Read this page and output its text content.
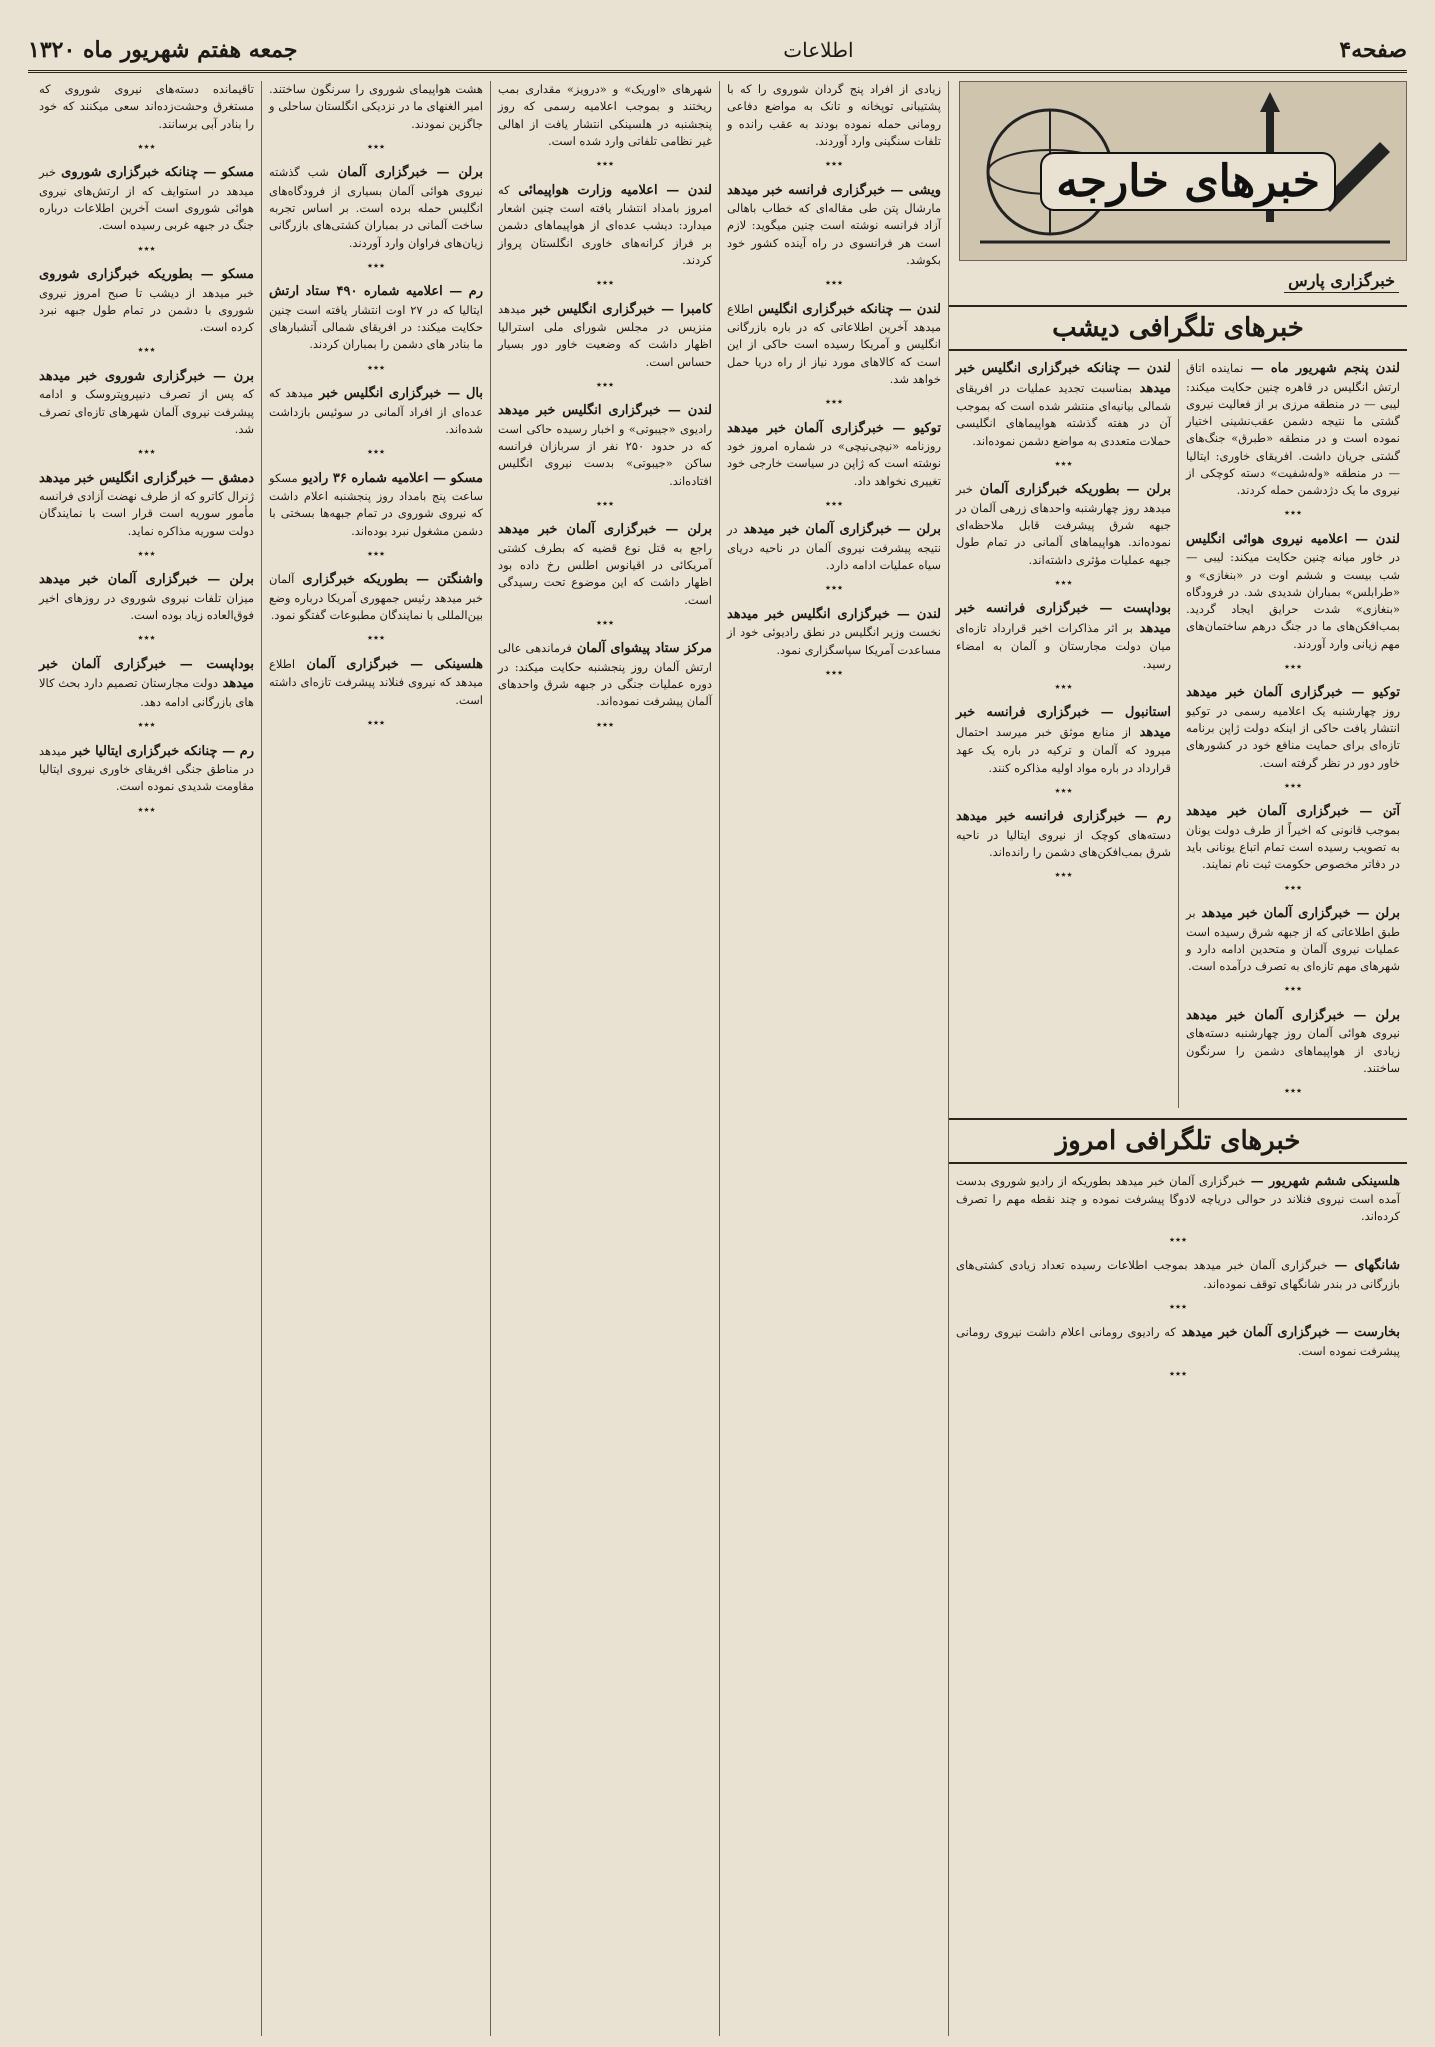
صفحه۴
اطلاعات
جمعه هفتم شهریور ماه ۱۳۲۰
خبرهای خارجه
خبرگزاری پارس
خبرهای تلگرافی دیشب

لندن پنجم شهریور ماه — نماینده اتاق ارتش انگلیس در قاهره چنین حکایت میکند: لیبی — در منطقه مرزی بر از فعالیت نیروی گشتی ما نتیجه دشمن عقب‌نشینی اختیار نموده است و در منطقه «طبرق» جنگ‌های گشتی جریان داشت. افریقای خاوری: ایتالیا — در منطقه «وله‌شفیت» دسته کوچکی از نیروی ما یک دژدشمن حمله کردند.

٭٭٭

لندن — اعلامیه نیروی هوائی انگلیس در خاور میانه چنین حکایت میکند: لیبی — شب بیست و ششم اوت در «بنغازی» و «طرابلس» بمباران شدیدی شد. در فرودگاه «بنغازی» شدت حرایق ایجاد گردید. بمب‌افکن‌های ما در جنگ درهم ساختمان‌های مهم زیانی وارد آوردند.

٭٭٭

توکیو — خبرگزاری آلمان خبر میدهد روز چهارشنبه یک اعلامیه رسمی در توکیو انتشار یافت حاکی از اینکه دولت ژاپن برنامه تازه‌ای برای حمایت منافع خود در کشورهای خاور دور در نظر گرفته است.

٭٭٭

آتن — خبرگزاری آلمان خبر میدهد بموجب قانونی که اخیراً از طرف دولت یونان به تصویب رسیده است تمام اتباع یونانی باید در دفاتر مخصوص حکومت ثبت نام نمایند.

٭٭٭

برلن — خبرگزاری آلمان خبر میدهد بر طبق اطلاعاتی که از جبهه شرق رسیده است عملیات نیروی آلمان و متحدین ادامه دارد و شهرهای مهم تازه‌ای به تصرف درآمده است.

٭٭٭

برلن — خبرگزاری آلمان خبر میدهد نیروی هوائی آلمان روز چهارشنبه دسته‌های زیادی از هواپیماهای دشمن را سرنگون ساختند.

٭٭٭

لندن — چنانکه خبرگزاری انگلیس خبر میدهد بمناسبت تجدید عملیات در افریقای شمالی بیانیه‌ای منتشر شده است که بموجب آن در هفته گذشته هواپیماهای انگلیسی حملات متعددی به مواضع دشمن نموده‌اند.

٭٭٭

برلن — بطوریکه خبرگزاری آلمان خبر میدهد روز چهارشنبه واحدهای زرهی آلمان در جبهه شرق پیشرفت قابل ملاحظه‌ای نموده‌اند. هواپیماهای آلمانی در تمام طول جبهه عملیات مؤثری داشته‌اند.

٭٭٭

بوداپست — خبرگزاری فرانسه خبر میدهد بر اثر مذاکرات اخیر قرارداد تازه‌ای میان دولت مجارستان و آلمان به امضاء رسید.

٭٭٭

استانبول — خبرگزاری فرانسه خبر میدهد از منابع موثق خبر میرسد احتمال میرود که آلمان و ترکیه در باره یک عهد قرارداد در باره مواد اولیه مذاکره کنند.

٭٭٭

رم — خبرگزاری فرانسه خبر میدهد دسته‌های کوچک از نیروی ایتالیا در ناحیه شرق بمب‌افکن‌های دشمن را رانده‌اند.

٭٭٭
خبرهای تلگرافی امروز

هلسینکی ششم شهریور — خبرگزاری آلمان خبر میدهد بطوریکه از رادیو شوروی بدست آمده است نیروی فنلاند در حوالی دریاچه لادوگا پیشرفت نموده و چند نقطه مهم را تصرف کرده‌اند.

٭٭٭

شانگهای — خبرگزاری آلمان خبر میدهد بموجب اطلاعات رسیده تعداد زیادی کشتی‌های بازرگانی در بندر شانگهای توقف نموده‌اند.

٭٭٭

بخارست — خبرگزاری آلمان خبر میدهد که رادیوی رومانی اعلام داشت نیروی رومانی پیشرفت نموده است.

٭٭٭

زیادی از افراد پنج گردان شوروی را که با پشتیبانی توپخانه و تانک به مواضع دفاعی رومانی حمله نموده بودند به عقب رانده و تلفات سنگینی وارد آوردند.

٭٭٭

ویشی — خبرگزاری فرانسه خبر میدهد مارشال پتن طی مقاله‌ای که خطاب باهالی آزاد فرانسه نوشته است چنین میگوید: لازم است هر فرانسوی در راه آینده کشور خود بکوشد.

٭٭٭

لندن — چنانکه خبرگزاری انگلیس اطلاع میدهد آخرین اطلاعاتی که در باره بازرگانی انگلیس و آمریکا رسیده است حاکی از این است که کالاهای مورد نیاز از راه دریا حمل خواهد شد.

٭٭٭

توکیو — خبرگزاری آلمان خبر میدهد روزنامه «نیچی‌نیچی» در شماره امروز خود نوشته است که ژاپن در سیاست خارجی خود تغییری نخواهد داد.

٭٭٭

برلن — خبرگزاری آلمان خبر میدهد در نتیجه پیشرفت نیروی آلمان در ناحیه دریای سیاه عملیات ادامه دارد.

٭٭٭

لندن — خبرگزاری انگلیس خبر میدهد نخست وزیر انگلیس در نطق رادیوئی خود از مساعدت آمریکا سپاسگزاری نمود.

٭٭٭

شهرهای «اوریک» و «درویز» مقداری بمب ریختند و بموجب اعلامیه رسمی که روز پنجشنبه در هلسینکی انتشار یافت از اهالی غیر نظامی تلفاتی وارد شده است.

٭٭٭

لندن — اعلامیه وزارت هواپیمائی که امروز بامداد انتشار یافته است چنین اشعار میدارد: دیشب عده‌ای از هواپیماهای دشمن بر فراز کرانه‌های خاوری انگلستان پرواز کردند.

٭٭٭

کامبرا — خبرگزاری انگلیس خبر میدهد منزیس در مجلس شورای ملی استرالیا اظهار داشت که وضعیت خاور دور بسیار حساس است.

٭٭٭

لندن — خبرگزاری انگلیس خبر میدهد رادیوی «جیبوتی» و اخبار رسیده حاکی است که در حدود ۲۵۰ نفر از سربازان فرانسه ساکن «جیبوتی» بدست نیروی انگلیس افتاده‌اند.

٭٭٭

برلن — خبرگزاری آلمان خبر میدهد راجع به قتل نوع قضیه که بطرف کشتی آمریکائی در اقیانوس اطلس رخ داده بود اظهار داشت که این موضوع تحت رسیدگی است.

٭٭٭

مرکز ستاد پیشوای آلمان فرماندهی عالی ارتش آلمان روز پنجشنبه حکایت میکند: در دوره عملیات جنگی در جبهه شرق واحدهای آلمان پیشرفت نموده‌اند.

٭٭٭

هشت هواپیمای شوروی را سرنگون ساختند. امیر الغنهای ما در نزدیکی انگلستان ساحلی و جاگزین نمودند.

٭٭٭

برلن — خبرگزاری آلمان شب گذشته نیروی هوائی آلمان بسیاری از فرودگاه‌های انگلیس حمله برده است. بر اساس تجربه ساخت آلمانی در بمباران کشتی‌های بازرگانی زیان‌های فراوان وارد آوردند.

٭٭٭

رم — اعلامیه شماره ۴۹۰ ستاد ارتش ایتالیا که در ۲۷ اوت انتشار یافته است چنین حکایت میکند: در افریقای شمالی آتشبارهای ما بنادر های دشمن را بمباران کردند.

٭٭٭

بال — خبرگزاری انگلیس خبر میدهد که عده‌ای از افراد آلمانی در سوئیس بازداشت شده‌اند.

٭٭٭

مسکو — اعلامیه شماره ۳۶ رادیو مسکو ساعت پنج بامداد روز پنجشنبه اعلام داشت که نیروی شوروی در تمام جبهه‌ها بسختی با دشمن مشغول نبرد بوده‌اند.

٭٭٭

واشنگتن — بطوریکه خبرگزاری آلمان خبر میدهد رئیس جمهوری آمریکا درباره وضع بین‌المللی با نمایندگان مطبوعات گفتگو نمود.

٭٭٭

هلسینکی — خبرگزاری آلمان اطلاع میدهد که نیروی فنلاند پیشرفت تازه‌ای داشته است.

٭٭٭

تاقیمانده دسته‌های نیروی شوروی که مستغرق وحشت‌زده‌اند سعی میکنند که خود را بنادر آبی برسانند.

٭٭٭

مسکو — چنانکه خبرگزاری شوروی خبر میدهد در استوایف که از ارتش‌های نیروی هوائی شوروی است آخرین اطلاعات درباره جنگ در جبهه غربی رسیده است.

٭٭٭

مسکو — بطوریکه خبرگزاری شوروی خبر میدهد از دیشب تا صبح امروز نیروی شوروی با دشمن در تمام طول جبهه نبرد کرده است.

٭٭٭

برن — خبرگزاری شوروی خبر میدهد که پس از تصرف دنیپروپتروسک و ادامه پیشرفت نیروی آلمان شهرهای تازه‌ای تصرف شد.

٭٭٭

دمشق — خبرگزاری انگلیس خبر میدهد ژنرال کاترو که از طرف نهضت آزادی فرانسه مأمور سوریه است قرار است با نمایندگان دولت سوریه مذاکره نماید.

٭٭٭

برلن — خبرگزاری آلمان خبر میدهد میزان تلفات نیروی شوروی در روزهای اخیر فوق‌العاده زیاد بوده است.

٭٭٭

بوداپست — خبرگزاری آلمان خبر میدهد دولت مجارستان تصمیم دارد بحث کالا های بازرگانی ادامه دهد.

٭٭٭

رم — چنانکه خبرگزاری ایتالیا خبر میدهد در مناطق جنگی افریقای خاوری نیروی ایتالیا مقاومت شدیدی نموده است.

٭٭٭
